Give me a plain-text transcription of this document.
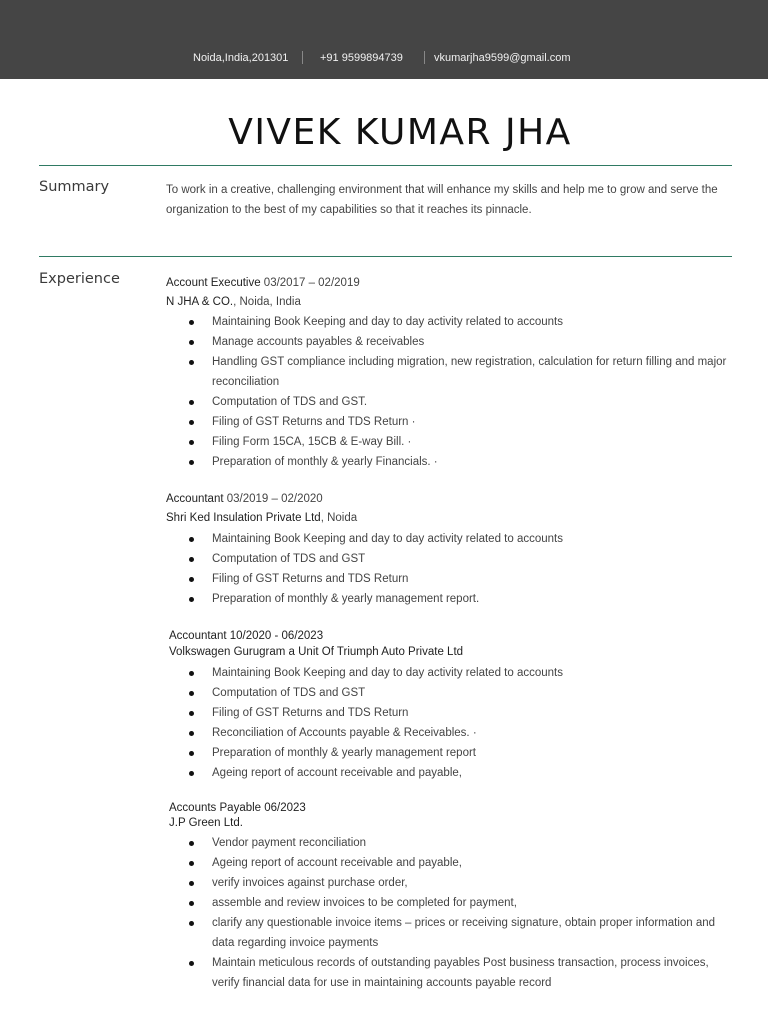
Noida,India,201301	+91 9599894739	vkumarjha9599@gmail.com
VIVEK KUMAR JHA
Summary	To work in a creative, challenging environment that will enhance my skills and help me to grow and serve the organization to the best of my capabilities so that it reaches its pinnacle.
Experience	Account Executive 03/2017 – 02/2019
N JHA & CO., Noida, India
Maintaining Book Keeping and day to day activity related to accounts
Manage accounts payables & receivables
Handling GST compliance including migration, new registration, calculation for return filling and major reconciliation
Computation of TDS and GST.
Filing of GST Returns and TDS Return ·
Filing Form 15CA, 15CB & E-way Bill. ·
Preparation of monthly & yearly Financials. ·
Accountant 03/2019 – 02/2020
Shri Ked Insulation Private Ltd, Noida
Maintaining Book Keeping and day to day activity related to accounts
Computation of TDS and GST
Filing of GST Returns and TDS Return
Preparation of monthly & yearly management report.
Accountant 10/2020 - 06/2023
Volkswagen Gurugram a Unit Of Triumph Auto Private Ltd
Maintaining Book Keeping and day to day activity related to accounts
Computation of TDS and GST
Filing of GST Returns and TDS Return
Reconciliation of Accounts payable & Receivables. ·
Preparation of monthly & yearly management report
Ageing report of account receivable and payable,
Accounts Payable 06/2023
J.P Green Ltd.
Vendor payment reconciliation
Ageing report of account receivable and payable,
verify invoices against purchase order,
assemble and review invoices to be completed for payment,
clarify any questionable invoice items – prices or receiving signature, obtain proper information and data regarding invoice payments
Maintain meticulous records of outstanding payables Post business transaction, process invoices, verify financial data for use in maintaining accounts payable record
